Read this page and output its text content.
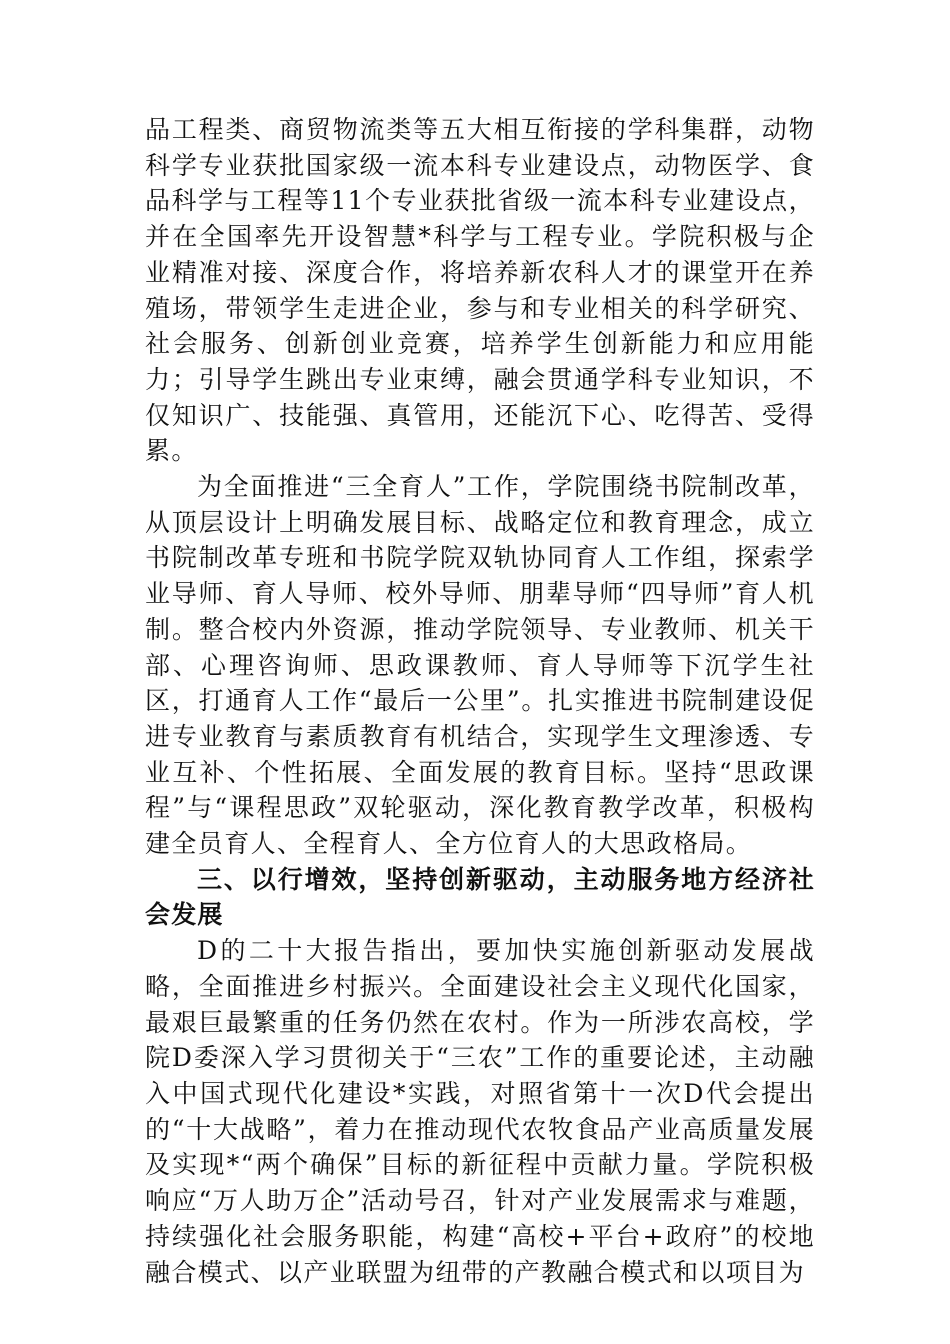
品工程类、商贸物流类等五大相互衔接的学科集群，动物科学专业获批国家级一流本科专业建设点，动物医学、食品科学与工程等11个专业获批省级一流本科专业建设点，并在全国率先开设智慧*科学与工程专业。学院积极与企业精准对接、深度合作，将培养新农科人才的课堂开在养殖场，带领学生走进企业，参与和专业相关的科学研究、社会服务、创新创业竞赛，培养学生创新能力和应用能力；引导学生跳出专业束缚，融会贯通学科专业知识，不仅知识广、技能强、真管用，还能沉下心、吃得苦、受得累。

为全面推进“三全育人”工作，学院围绕书院制改革，从顶层设计上明确发展目标、战略定位和教育理念，成立书院制改革专班和书院学院双轨协同育人工作组，探索学业导师、育人导师、校外导师、朋辈导师“四导师”育人机制。整合校内外资源，推动学院领导、专业教师、机关干部、心理咨询师、思政课教师、育人导师等下沉学生社区，打通育人工作“最后一公里”。扎实推进书院制建设促进专业教育与素质教育有机结合，实现学生文理渗透、专业互补、个性拓展、全面发展的教育目标。坚持“思政课程”与“课程思政”双轮驱动，深化教育教学改革，积极构建全员育人、全程育人、全方位育人的大思政格局。

三、以行增效，坚持创新驱动，主动服务地方经济社会发展

D的二十大报告指出，要加快实施创新驱动发展战略，全面推进乡村振兴。全面建设社会主义现代化国家，最艰巨最繁重的任务仍然在农村。作为一所涉农高校，学院D委深入学习贯彻关于“三农”工作的重要论述，主动融入中国式现代化建设*实践，对照省第十一次D代会提出的“十大战略”，着力在推动现代农牧食品产业高质量发展及实现*“两个确保”目标的新征程中贡献力量。学院积极响应“万人助万企”活动号召，针对产业发展需求与难题，持续强化社会服务职能，构建“高校+平台+政府”的校地融合模式、以产业联盟为纽带的产教融合模式和以项目为
